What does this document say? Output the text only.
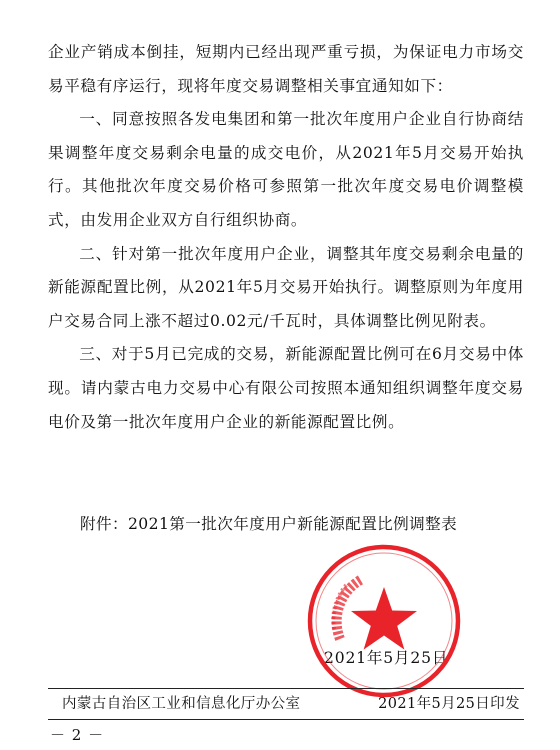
企业产销成本倒挂，短期内已经出现严重亏损，为保证电力市场交易平稳有序运行，现将年度交易调整相关事宜通知如下：

一、同意按照各发电集团和第一批次年度用户企业自行协商结果调整年度交易剩余电量的成交电价，从2021年5月交易开始执行。其他批次年度交易价格可参照第一批次年度交易电价调整模式，由发用企业双方自行组织协商。

二、针对第一批次年度用户企业，调整其年度交易剩余电量的新能源配置比例，从2021年5月交易开始执行。调整原则为年度用户交易合同上涨不超过0.02元/千瓦时，具体调整比例见附表。

三、对于5月已完成的交易，新能源配置比例可在6月交易中体现。请内蒙古电力交易中心有限公司按照本通知组织调整年度交易电价及第一批次年度用户企业的新能源配置比例。

附件：2021第一批次年度用户新能源配置比例调整表
2021年5月25日
内蒙古自治区工业和信息化厅办公室	2021年5月25日印发
－ 2 －
